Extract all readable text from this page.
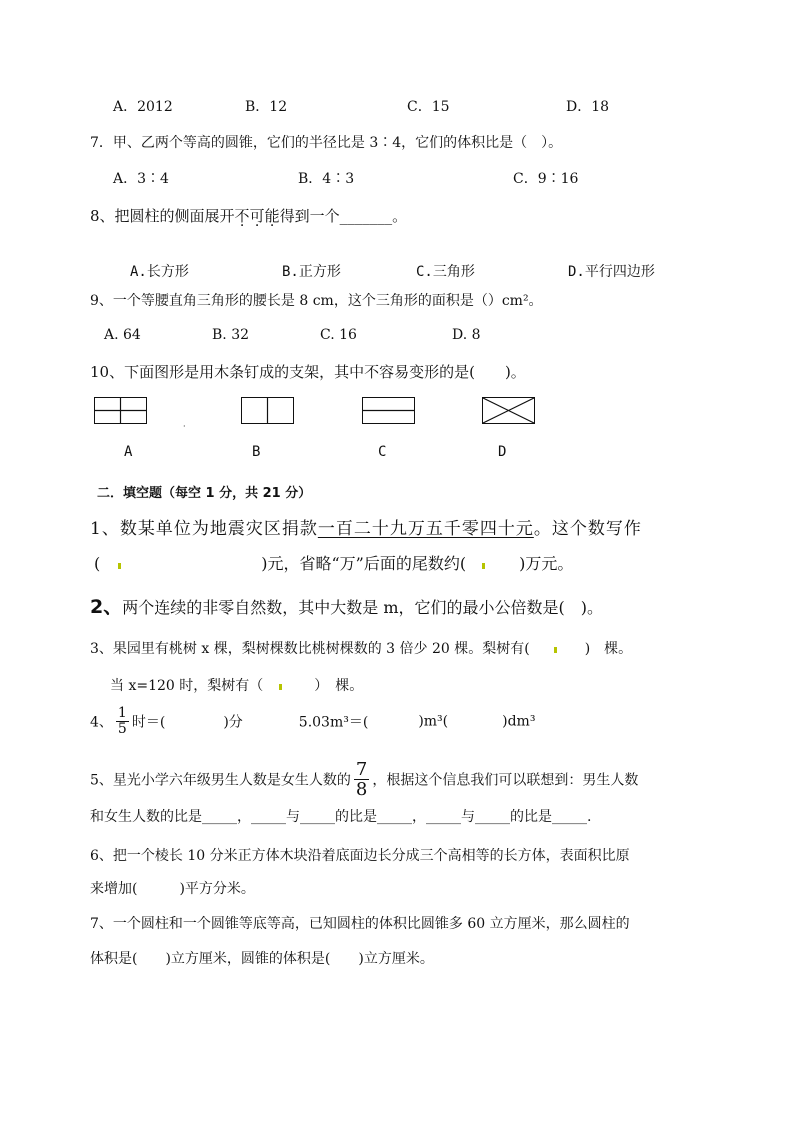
A．2012	B．12	C．15	D．18
7．甲、乙两个等高的圆锥，它们的半径比是 3∶4，它们的体积比是（　）。
A．3∶4	B．4∶3	C．9∶16
8、把圆柱的侧面展开不可能得到一个_______。
A.长方形	B.正方形	C.三角形	D.平行四边形
9、一个等腰直角三角形的腰长是 8 cm，这个三角形的面积是（）cm²。
A. 64	B. 32	C. 16	D. 8
10、下面图形是用木条钉成的支架，其中不容易变形的是(　　)。
·
A	B	C	D
二．填空题（每空 1 分，共 21 分）
1、数某单位为地震灾区捐款一百二十九万五千零四十元。这个数写作
(	)元，省略“万”后面的尾数约(	)万元。
2、两个连续的非零自然数，其中大数是 m，它们的最小公倍数是(　)。
3、果园里有桃树 x 棵，梨树棵数比桃树棵数的 3 倍少 20 棵。梨树有(	)　棵。
当 x=120 时，梨树有（	）　棵。
4、 $\frac{1}{5}$ 时＝(	)分	5.03m³＝(	)m³(	)dm³
5、星光小学六年级男生人数是女生人数的 $\frac{7}{8}$ ，根据这个信息我们可以联想到：男生人数
和女生人数的比是_____，_____与_____的比是_____，_____与_____的比是_____.
6、把一个棱长 10 分米正方体木块沿着底面边长分成三个高相等的长方体，表面积比原
来增加(　　　)平方分米。
7、一个圆柱和一个圆锥等底等高，已知圆柱的体积比圆锥多 60 立方厘米，那么圆柱的
体积是(　　)立方厘米，圆锥的体积是(　　)立方厘米。
